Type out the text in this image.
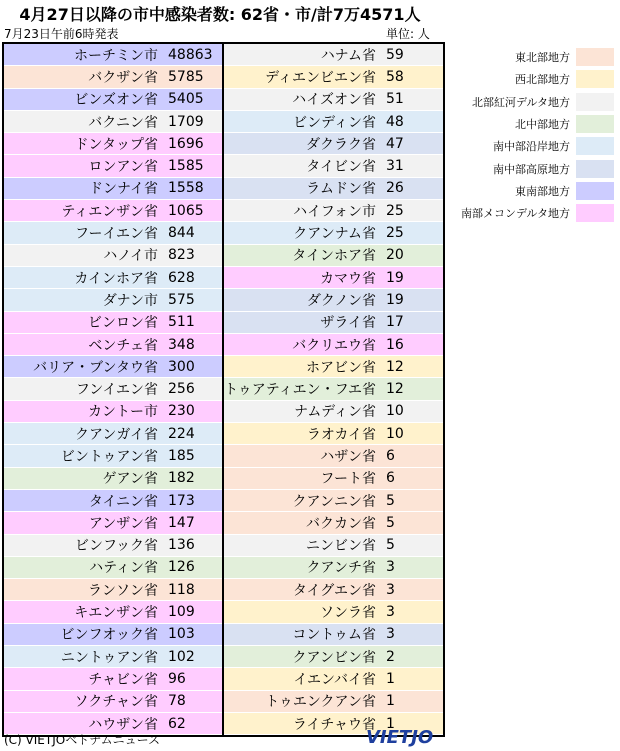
4月27日以降の市中感染者数: 62省・市/計7万4571人
7月23日午前6時発表	単位: 人
ホーチミン市 48863
バクザン省 5785
ビンズオン省 5405
バクニン省 1709
ドンタップ省 1696
ロンアン省 1585
ドンナイ省 1558
ティエンザン省 1065
フーイエン省 844
ハノイ市 823
カインホア省 628
ダナン市 575
ビンロン省 511
ベンチェ省 348
バリア・ブンタウ省 300
フンイエン省 256
カントー市 230
クアンガイ省 224
ビントゥアン省 185
ゲアン省 182
タイニン省 173
アンザン省 147
ビンフック省 136
ハティン省 126
ランソン省 118
キエンザン省 109
ビンフオック省 103
ニントゥアン省 102
チャビン省 96
ソクチャン省 78
ハウザン省 62
ハナム省 59
ディエンビエン省 58
ハイズオン省 51
ビンディン省 48
ダクラク省 47
タイビン省 31
ラムドン省 26
ハイフォン市 25
クアンナム省 25
タインホア省 20
カマウ省 19
ダクノン省 19
ザライ省 17
バクリエウ省 16
ホアビン省 12
トゥアティエン・フエ省 12
ナムディン省 10
ラオカイ省 10
ハザン省 6
フート省 6
クアンニン省 5
バクカン省 5
ニンビン省 5
クアンチ省 3
タイグエン省 3
ソンラ省 3
コントゥム省 3
クアンビン省 2
イエンバイ省 1
トゥエンクアン省 1
ライチャウ省 1
東北部地方
西北部地方
北部紅河デルタ地方
北中部地方
南中部沿岸地方
南中部高原地方
東南部地方
南部メコンデルタ地方
(C) VIETJOベトナムニュース	VIETJO
